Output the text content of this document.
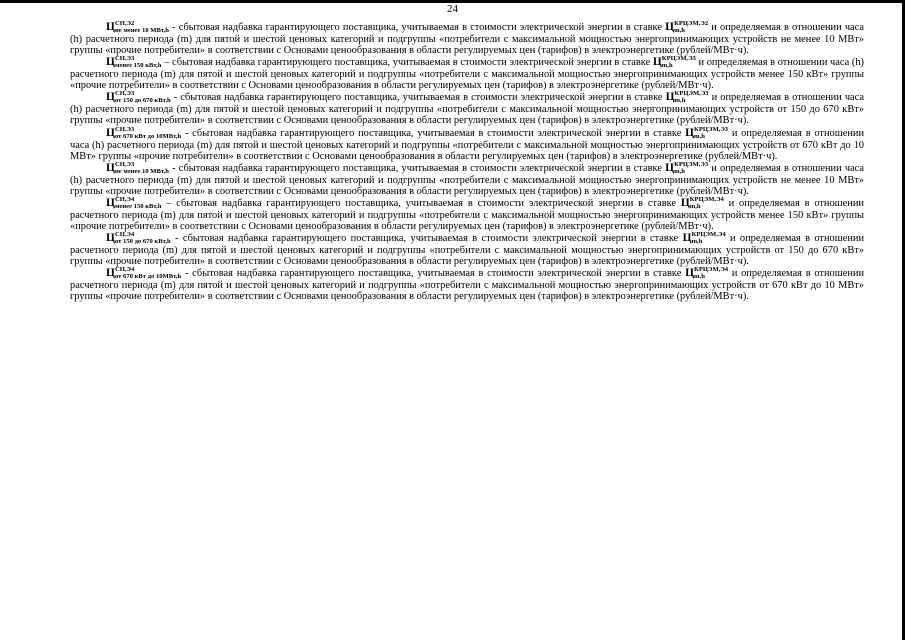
24

Ц СН,Э2
не менее 10 МВт,h - сбытовая надбавка гарантирующего поставщика, учитываемая в стоимости электрической энергии в ставке Ц КРЦЭМ,Э2
m,h	и определяемая в отношении часа (h) расчетного периода (m) для пятой и шестой ценовых категорий и подгруппы «потребители с максимальной мощностью энергопринимающих устройств не менее 10 МВт» группы «прочие потребители» в соответствии с Основами ценообразования в области регулируемых цен (тарифов) в электроэнергетике (рублей/МВт·ч).

Ц СН,Э3
менее 150 кВт,h – сбытовая надбавка гарантирующего поставщика, учитываемая в стоимости электрической энергии в ставке Ц КРЦЭМ,Э3
m,h	и определяемая в отношении часа (h) расчетного периода (m) для пятой и шестой ценовых категорий и подгруппы «потребители с максимальной мощностью энергопринимающих устройств менее 150 кВт» группы «прочие потребители» в соответствии с Основами ценообразования в области регулируемых цен (тарифов) в электроэнергетике (рублей/МВт·ч).

Ц СН,Э3
от 150 до 670 кВт,h - сбытовая надбавка гарантирующего поставщика, учитываемая в стоимости электрической энергии в ставке Ц КРЦЭМ,Э3
m,h	и определяемая в отношении часа (h) расчетного периода (m) для пятой и шестой ценовых категорий и подгруппы «потребители с максимальной мощностью энергопринимающих устройств от 150 до 670 кВт» группы «прочие потребители» в соответствии с Основами ценообразования в области регулируемых цен (тарифов) в электроэнергетике (рублей/МВт·ч).

Ц СН,Э3
от 670 кВт до 10МВт,h - сбытовая надбавка гарантирующего поставщика, учитываемая в стоимости электрической энергии в ставке Ц КРЦЭМ,Э3
m,h	и определяемая в отношении часа (h) расчетного периода (m) для пятой и шестой ценовых категорий и подгруппы «потребители с максимальной мощностью энергопринимающих устройств от 670 кВт до 10 МВт» группы «прочие потребители» в соответствии с Основами ценообразования в области регулируемых цен (тарифов) в электроэнергетике (рублей/МВт·ч).

Ц СН,Э3
не менее 10 МВт,h - сбытовая надбавка гарантирующего поставщика, учитываемая в стоимости электрической энергии в ставке Ц КРЦЭМ,Э3
m,h	и определяемая в отношении часа (h) расчетного периода (m) для пятой и шестой ценовых категорий и подгруппы «потребители с максимальной мощностью энергопринимающих устройств не менее 10 МВт» группы «прочие потребители» в соответствии с Основами ценообразования в области регулируемых цен (тарифов) в электроэнергетике (рублей/МВт·ч).

Ц СН,Э4
менее 150 кВт,h – сбытовая надбавка гарантирующего поставщика, учитываемая в стоимости электрической энергии в ставке Ц КРЦЭМ,Э4
m,h	и определяемая в отношении расчетного периода (m) для пятой и шестой ценовых категорий и подгруппы «потребители с максимальной мощностью энергопринимающих устройств менее 150 кВт» группы «прочие потребители» в соответствии с Основами ценообразования в области регулируемых цен (тарифов) в электроэнергетике (рублей/МВт·ч).

Ц СН,Э4
от 150 до 670 кВт,h - сбытовая надбавка гарантирующего поставщика, учитываемая в стоимости электрической энергии в ставке Ц КРЦЭМ,Э4
m,h	и определяемая в отношении расчетного периода (m) для пятой и шестой ценовых категорий и подгруппы «потребители с максимальной мощностью энергопринимающих устройств от 150 до 670 кВт» группы «прочие потребители» в соответствии с Основами ценообразования в области регулируемых цен (тарифов) в электроэнергетике (рублей/МВт·ч).

Ц СН,Э4
от 670 кВт до 10МВт,h - сбытовая надбавка гарантирующего поставщика, учитываемая в стоимости электрической энергии в ставке Ц КРЦЭМ,Э4
m,h	и определяемая в отношении расчетного периода (m) для пятой и шестой ценовых категорий и подгруппы «потребители с максимальной мощностью энергопринимающих устройств от 670 кВт до 10 МВт» группы «прочие потребители» в соответствии с Основами ценообразования в области регулируемых цен (тарифов) в электроэнергетике (рублей/МВт·ч).
